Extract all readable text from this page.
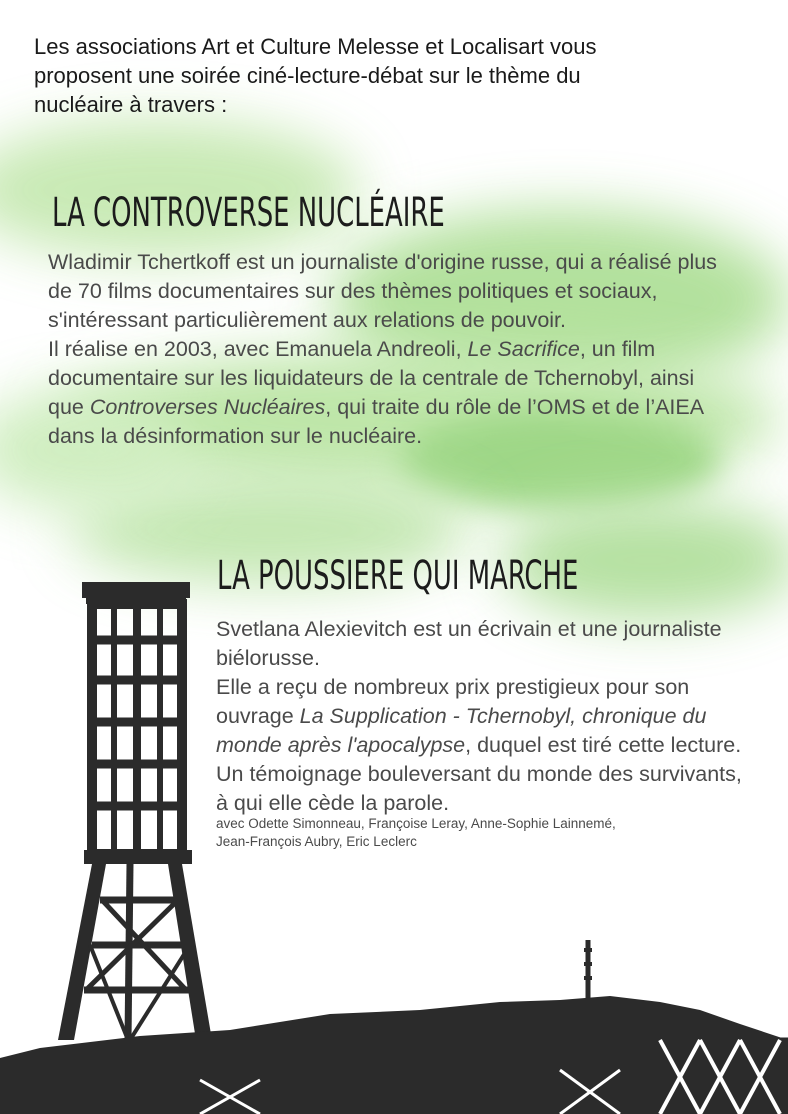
Les associations Art et Culture Melesse et Localisart vous
proposent une soirée ciné-lecture-débat sur le thème du
nucléaire à travers :

LA CONTROVERSE NUCLÉAIRE

Wladimir Tchertkoff est un journaliste d'origine russe, qui a réalisé plus
de 70 films documentaires sur des thèmes politiques et sociaux,
s'intéressant particulièrement aux relations de pouvoir.
Il réalise en 2003, avec Emanuela Andreoli, Le Sacrifice, un film
documentaire sur les liquidateurs de la centrale de Tchernobyl, ainsi
que Controverses Nucléaires, qui traite du rôle de l’OMS et de l’AIEA
dans la désinformation sur le nucléaire.

LA POUSSIERE QUI MARCHE

Svetlana Alexievitch est un écrivain et une journaliste
biélorusse.
Elle a reçu de nombreux prix prestigieux pour son
ouvrage La Supplication - Tchernobyl, chronique du
monde après l'apocalypse, duquel est tiré cette lecture.
Un témoignage bouleversant du monde des survivants,
à qui elle cède la parole.

avec Odette Simonneau, Françoise Leray, Anne-Sophie Lainnemé,
Jean-François Aubry, Eric Leclerc
